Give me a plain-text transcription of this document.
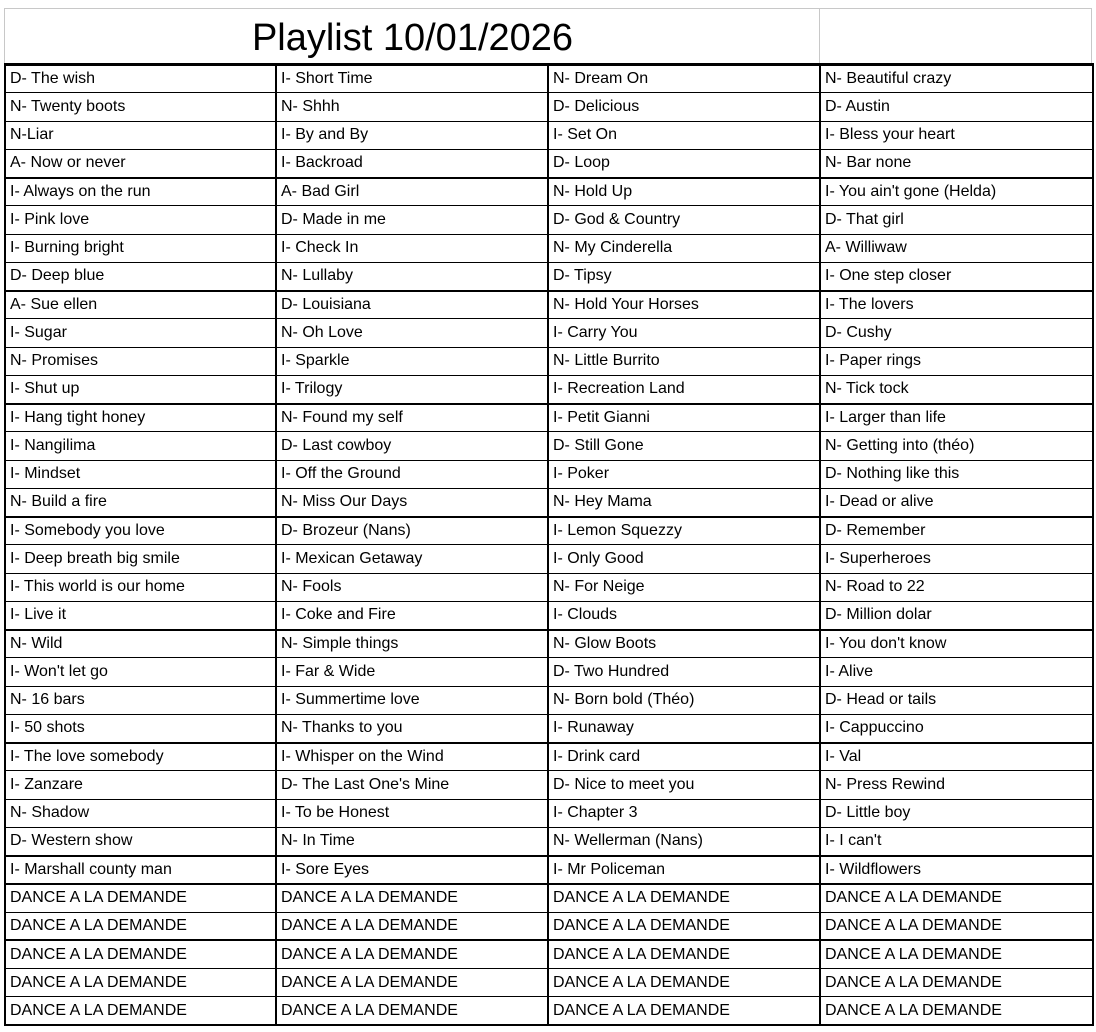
Playlist 10/01/2026
D- The wish	I- Short Time	N- Dream On	N- Beautiful crazy
N- Twenty boots	N- Shhh	D- Delicious	D- Austin
N-Liar	I- By and By	I- Set On	I- Bless your heart
A- Now or never	I- Backroad	D- Loop	N- Bar none
I- Always on the run	A- Bad Girl	N- Hold Up	I- You ain't gone (Helda)
I- Pink love	D- Made in me	D- God & Country	D- That girl
I- Burning bright	I- Check In	N- My Cinderella	A- Williwaw
D- Deep blue	N- Lullaby	D- Tipsy	I- One step closer
A- Sue ellen	D- Louisiana	N- Hold Your Horses	I- The lovers
I- Sugar	N- Oh Love	I- Carry You	D- Cushy
N- Promises	I- Sparkle	N- Little Burrito	I- Paper rings
I- Shut up	I- Trilogy	I- Recreation Land	N- Tick tock
I- Hang tight honey	N- Found my self	I- Petit Gianni	I- Larger than life
I- Nangilima	D- Last cowboy	D- Still Gone	N- Getting into (théo)
I- Mindset	I- Off the Ground	I- Poker	D- Nothing like this
N- Build a fire	N- Miss Our Days	N- Hey Mama	I- Dead or alive
I- Somebody you love	D- Brozeur (Nans)	I- Lemon Squezzy	D- Remember
I- Deep breath big smile	I- Mexican Getaway	I- Only Good	I- Superheroes
I- This world is our home	N- Fools	N- For Neige	N- Road to 22
I- Live it	I- Coke and Fire	I- Clouds	D- Million dolar
N- Wild	N- Simple things	N- Glow Boots	I- You don't know
I- Won't let go	I- Far & Wide	D- Two Hundred	I- Alive
N- 16 bars	I- Summertime love	N- Born bold (Théo)	D- Head or tails
I- 50 shots	N- Thanks to you	I- Runaway	I- Cappuccino
I- The love somebody	I- Whisper on the Wind	I- Drink card	I- Val
I- Zanzare	D- The Last One's Mine	D- Nice to meet you	N- Press Rewind
N- Shadow	I- To be Honest	I- Chapter 3	D- Little boy
D- Western show	N- In Time	N- Wellerman (Nans)	I- I can't
I- Marshall county man	I- Sore Eyes	I- Mr Policeman	I- Wildflowers
DANCE A LA DEMANDE	DANCE A LA DEMANDE	DANCE A LA DEMANDE	DANCE A LA DEMANDE
DANCE A LA DEMANDE	DANCE A LA DEMANDE	DANCE A LA DEMANDE	DANCE A LA DEMANDE
DANCE A LA DEMANDE	DANCE A LA DEMANDE	DANCE A LA DEMANDE	DANCE A LA DEMANDE
DANCE A LA DEMANDE	DANCE A LA DEMANDE	DANCE A LA DEMANDE	DANCE A LA DEMANDE
DANCE A LA DEMANDE	DANCE A LA DEMANDE	DANCE A LA DEMANDE	DANCE A LA DEMANDE
